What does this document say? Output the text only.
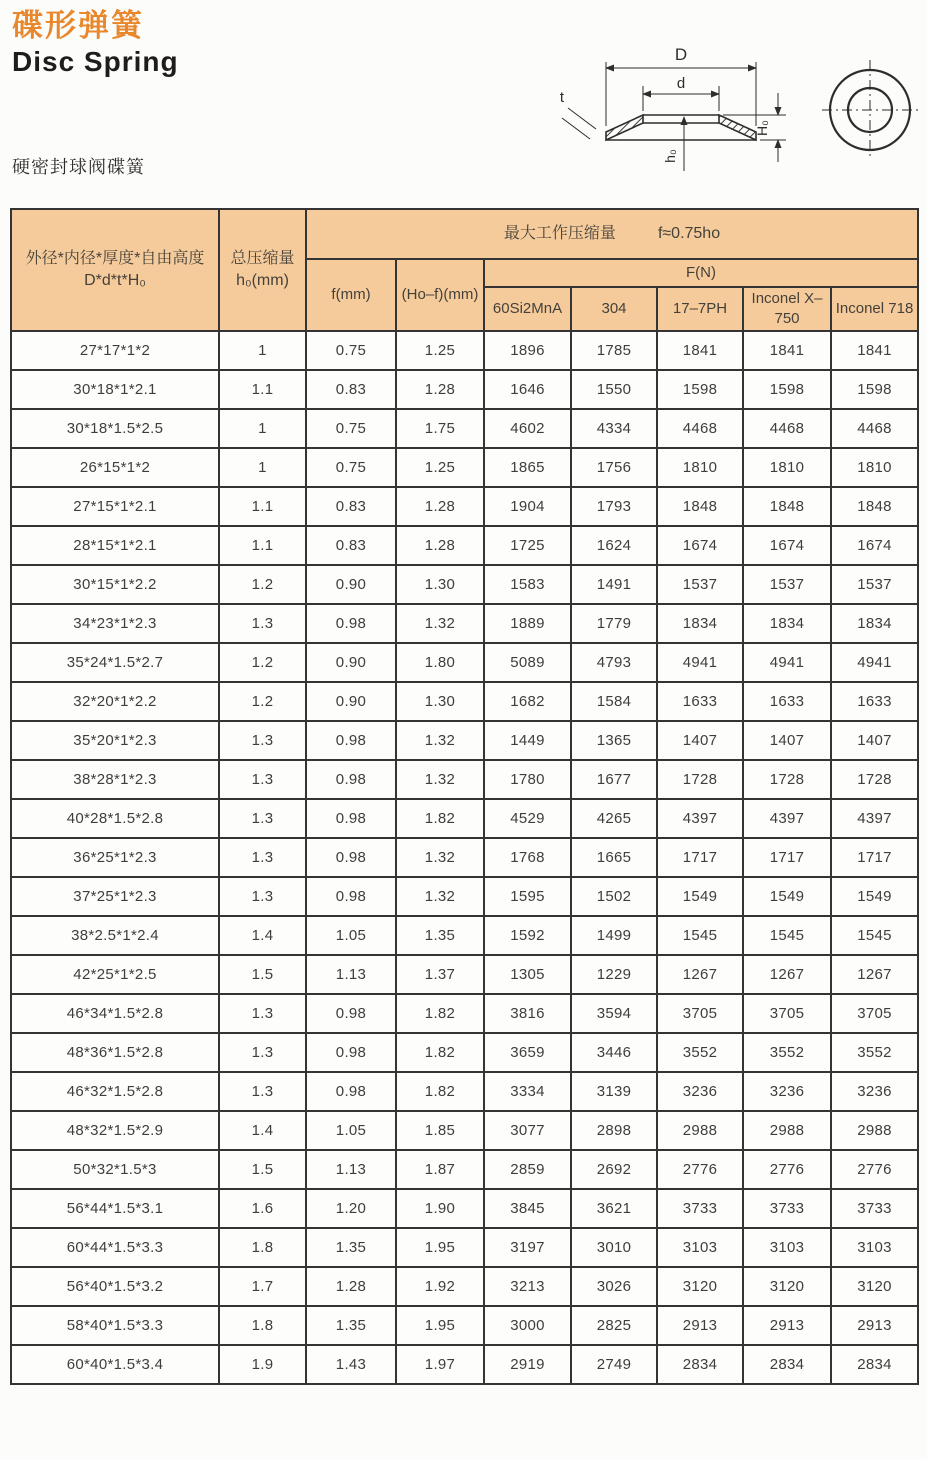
碟形弹簧
Disc Spring
硬密封球阀碟簧
D
d
t
H₀
h₀
外径*内径*厚度*自由高度
D*d*t*H₀

总压缩量
h₀(mm)
	最大工作压缩量	f≈0.75ho
		f(mm)	(Ho–f)(mm)	F(N)				
				60Si2MnA	304	17–7PH	Inconel X–750	Inconel 718
27*17*1*2	1	0.75	1.25	1896	1785	1841	1841	1841
30*18*1*2.1	1.1	0.83	1.28	1646	1550	1598	1598	1598
30*18*1.5*2.5	1	0.75	1.75	4602	4334	4468	4468	4468
26*15*1*2	1	0.75	1.25	1865	1756	1810	1810	1810
27*15*1*2.1	1.1	0.83	1.28	1904	1793	1848	1848	1848
28*15*1*2.1	1.1	0.83	1.28	1725	1624	1674	1674	1674
30*15*1*2.2	1.2	0.90	1.30	1583	1491	1537	1537	1537
34*23*1*2.3	1.3	0.98	1.32	1889	1779	1834	1834	1834
35*24*1.5*2.7	1.2	0.90	1.80	5089	4793	4941	4941	4941
32*20*1*2.2	1.2	0.90	1.30	1682	1584	1633	1633	1633
35*20*1*2.3	1.3	0.98	1.32	1449	1365	1407	1407	1407
38*28*1*2.3	1.3	0.98	1.32	1780	1677	1728	1728	1728
40*28*1.5*2.8	1.3	0.98	1.82	4529	4265	4397	4397	4397
36*25*1*2.3	1.3	0.98	1.32	1768	1665	1717	1717	1717
37*25*1*2.3	1.3	0.98	1.32	1595	1502	1549	1549	1549
38*2.5*1*2.4	1.4	1.05	1.35	1592	1499	1545	1545	1545
42*25*1*2.5	1.5	1.13	1.37	1305	1229	1267	1267	1267
46*34*1.5*2.8	1.3	0.98	1.82	3816	3594	3705	3705	3705
48*36*1.5*2.8	1.3	0.98	1.82	3659	3446	3552	3552	3552
46*32*1.5*2.8	1.3	0.98	1.82	3334	3139	3236	3236	3236
48*32*1.5*2.9	1.4	1.05	1.85	3077	2898	2988	2988	2988
50*32*1.5*3	1.5	1.13	1.87	2859	2692	2776	2776	2776
56*44*1.5*3.1	1.6	1.20	1.90	3845	3621	3733	3733	3733
60*44*1.5*3.3	1.8	1.35	1.95	3197	3010	3103	3103	3103
56*40*1.5*3.2	1.7	1.28	1.92	3213	3026	3120	3120	3120
58*40*1.5*3.3	1.8	1.35	1.95	3000	2825	2913	2913	2913
60*40*1.5*3.4	1.9	1.43	1.97	2919	2749	2834	2834	2834
